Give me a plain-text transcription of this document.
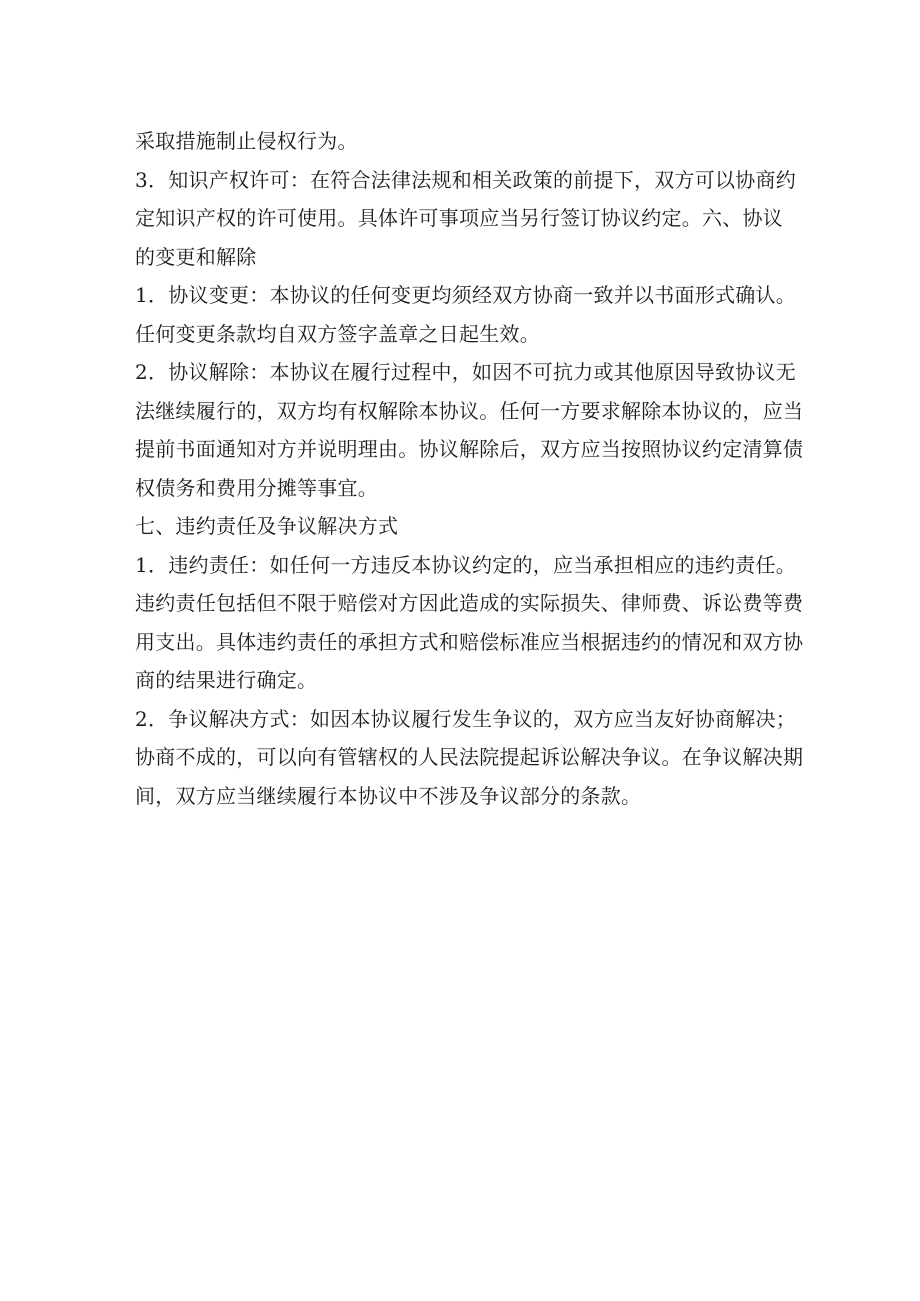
采取措施制止侵权行为。

3．知识产权许可：在符合法律法规和相关政策的前提下，双方可以协商约

定知识产权的许可使用。具体许可事项应当另行签订协议约定。六、协议

的变更和解除

1．协议变更：本协议的任何变更均须经双方协商一致并以书面形式确认。

任何变更条款均自双方签字盖章之日起生效。

2．协议解除：本协议在履行过程中，如因不可抗力或其他原因导致协议无

法继续履行的，双方均有权解除本协议。任何一方要求解除本协议的，应当

提前书面通知对方并说明理由。协议解除后，双方应当按照协议约定清算债

权债务和费用分摊等事宜。

七、违约责任及争议解决方式

1．违约责任：如任何一方违反本协议约定的，应当承担相应的违约责任。

违约责任包括但不限于赔偿对方因此造成的实际损失、律师费、诉讼费等费

用支出。具体违约责任的承担方式和赔偿标准应当根据违约的情况和双方协

商的结果进行确定。

2．争议解决方式：如因本协议履行发生争议的，双方应当友好协商解决；

协商不成的，可以向有管辖权的人民法院提起诉讼解决争议。在争议解决期

间，双方应当继续履行本协议中不涉及争议部分的条款。
